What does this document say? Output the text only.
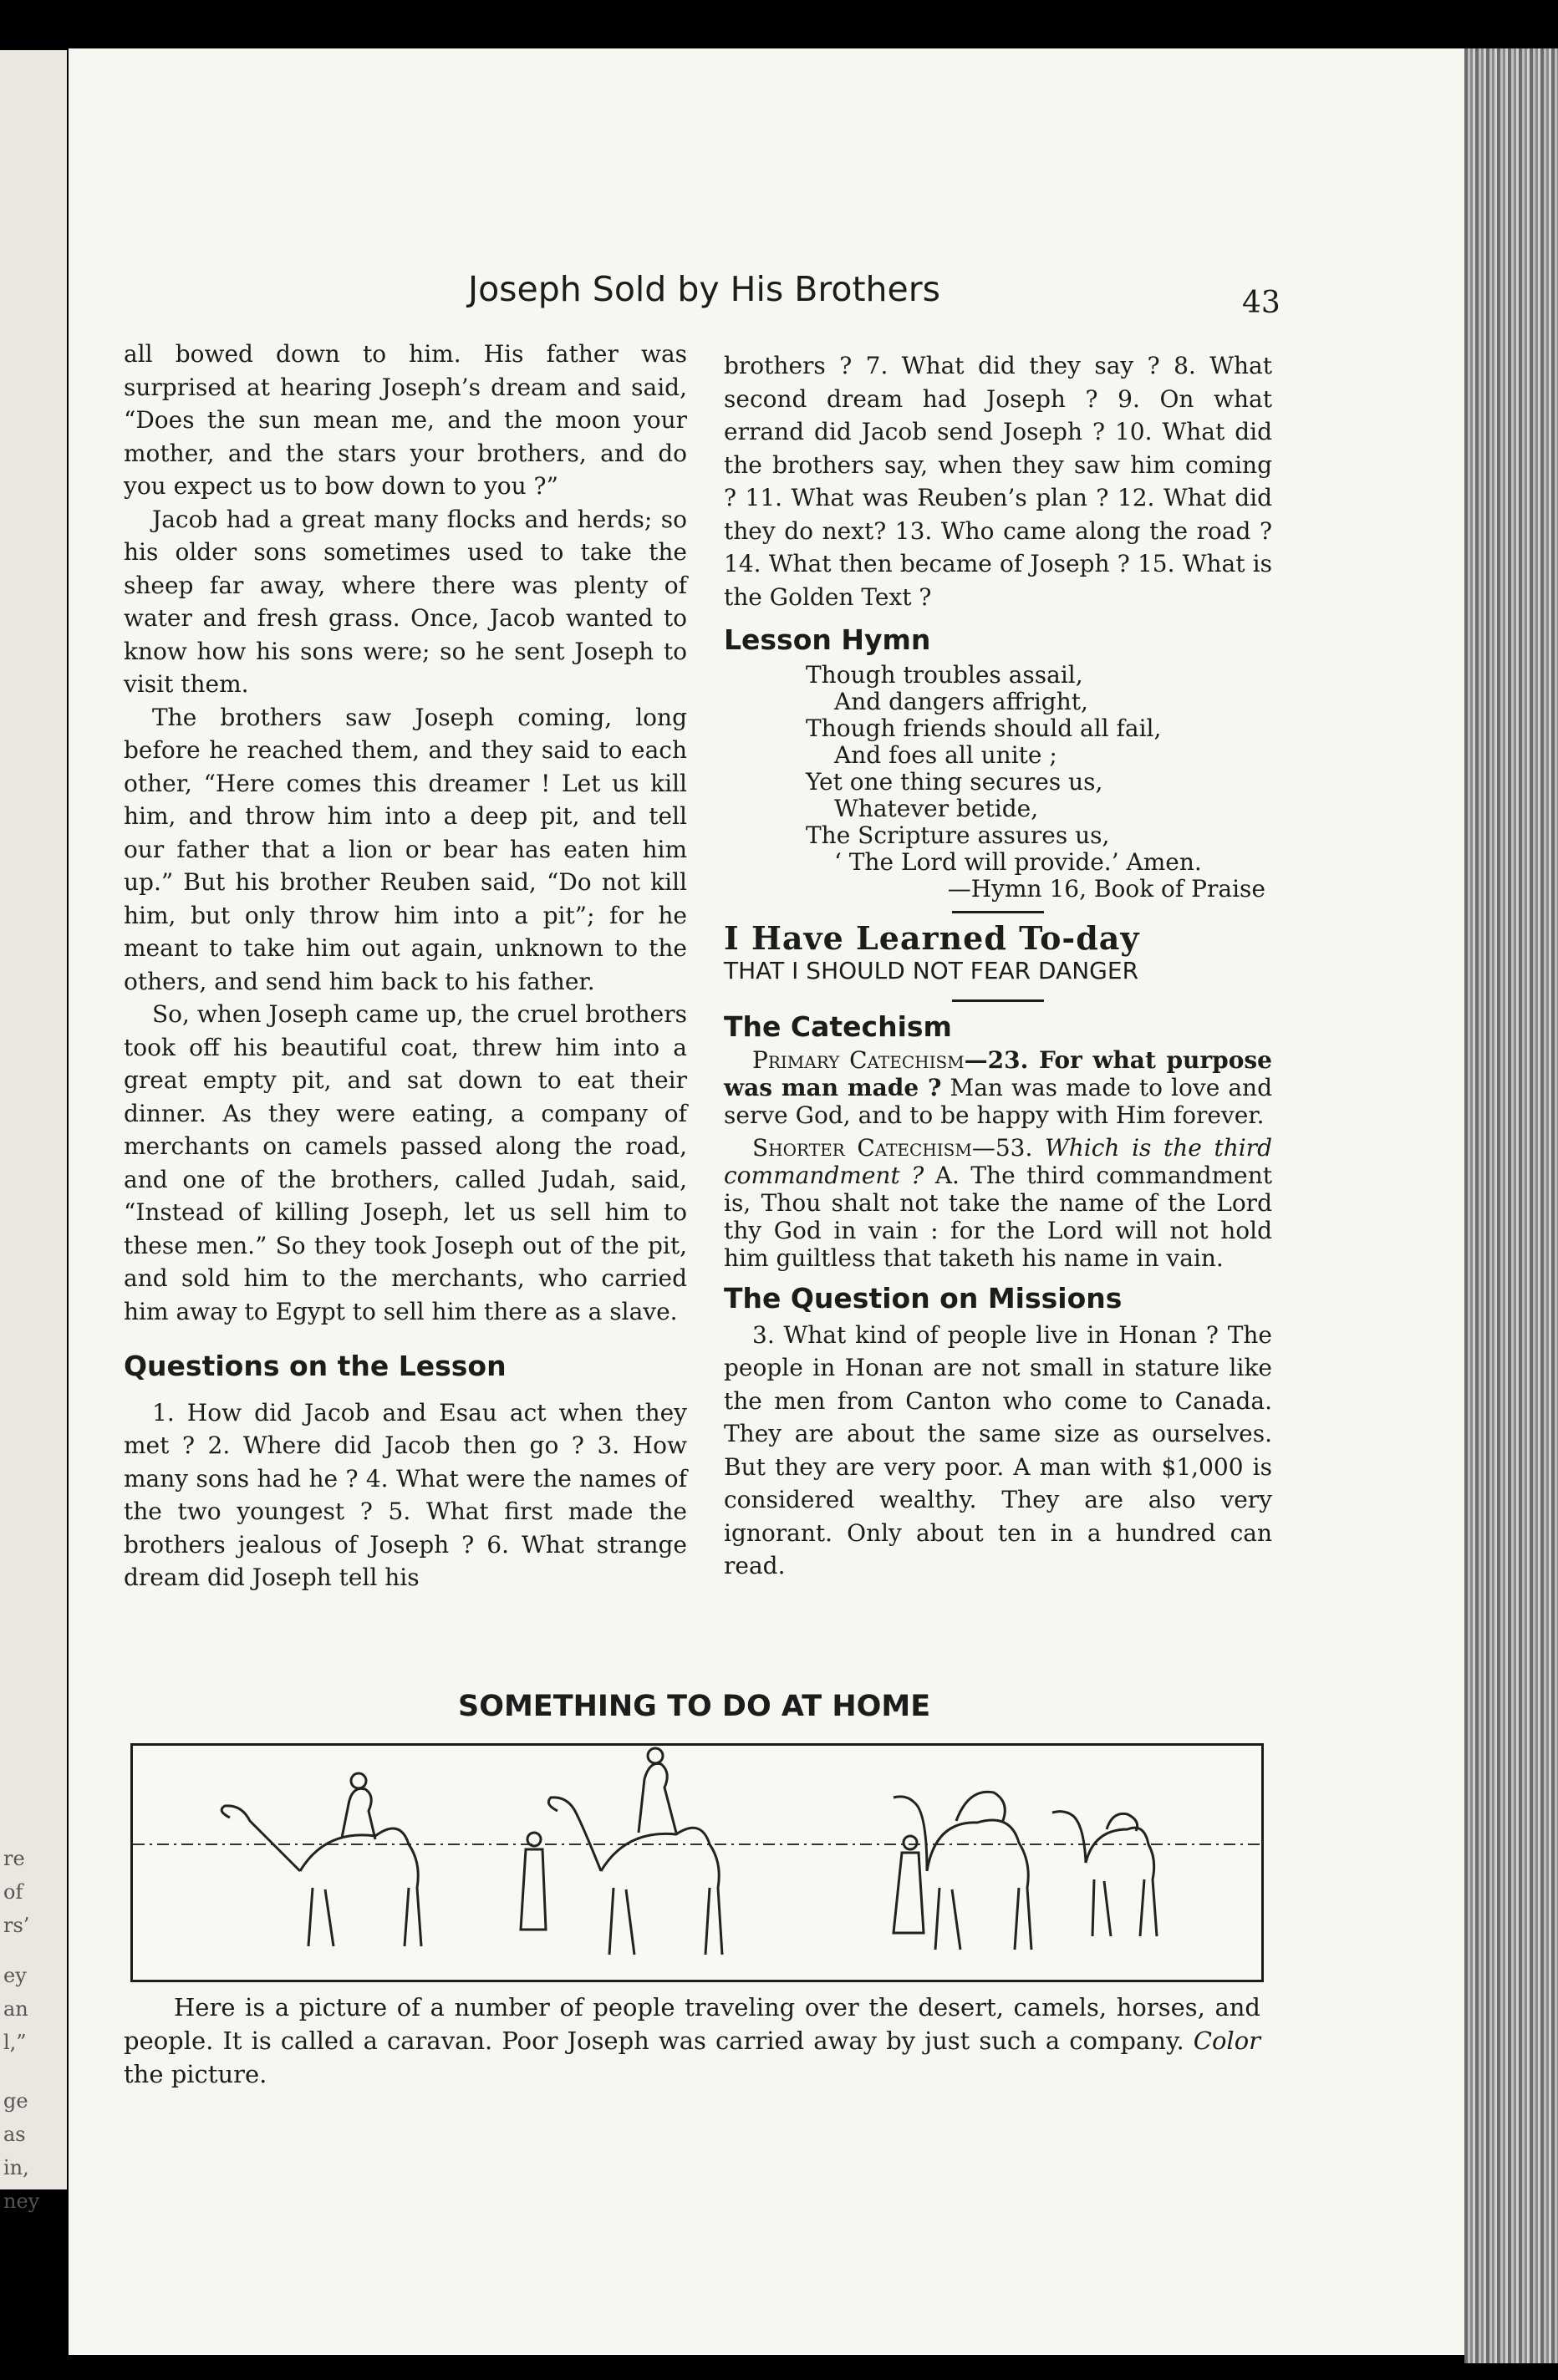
re
of
rs’
ey
an
l,”
ge
as
in,
ney
Joseph Sold by His Brothers	43

all bowed down to him. His father was surprised at hearing Joseph’s dream and said, “Does the sun mean me, and the moon your mother, and the stars your brothers, and do you expect us to bow down to you ?”

Jacob had a great many flocks and herds; so his older sons sometimes used to take the sheep far away, where there was plenty of water and fresh grass. Once, Jacob wanted to know how his sons were; so he sent Joseph to visit them.

The brothers saw Joseph coming, long before he reached them, and they said to each other, “Here comes this dreamer ! Let us kill him, and throw him into a deep pit, and tell our father that a lion or bear has eaten him up.” But his brother Reuben said, “Do not kill him, but only throw him into a pit”; for he meant to take him out again, unknown to the others, and send him back to his father.

So, when Joseph came up, the cruel brothers took off his beautiful coat, threw him into a great empty pit, and sat down to eat their dinner. As they were eating, a company of merchants on camels passed along the road, and one of the brothers, called Judah, said, “Instead of killing Joseph, let us sell him to these men.” So they took Joseph out of the pit, and sold him to the merchants, who carried him away to Egypt to sell him there as a slave.

Questions on the Lesson

1. How did Jacob and Esau act when they met ? 2. Where did Jacob then go ? 3. How many sons had he ? 4. What were the names of the two youngest ? 5. What first made the brothers jealous of Joseph ? 6. What strange dream did Joseph tell his

brothers ? 7. What did they say ? 8. What second dream had Joseph ? 9. On what errand did Jacob send Joseph ? 10. What did the brothers say, when they saw him coming ? 11. What was Reuben’s plan ? 12. What did they do next? 13. Who came along the road ? 14. What then became of Joseph ? 15. What is the Golden Text ?

Lesson Hymn

Though troubles assail,
And dangers affright,
Though friends should all fail,
And foes all unite ;
Yet one thing secures us,
Whatever betide,
The Scripture assures us,
‘ The Lord will provide.’ Amen.
—Hymn 16, Book of Praise

I Have Learned To-day

THAT I SHOULD NOT FEAR DANGER

The Catechism

Primary Catechism—23. For what purpose was man made ? Man was made to love and serve God, and to be happy with Him forever.

Shorter Catechism—53. Which is the third commandment ? A. The third commandment is, Thou shalt not take the name of the Lord thy God in vain : for the Lord will not hold him guiltless that taketh his name in vain.

The Question on Missions

3. What kind of people live in Honan ? The people in Honan are not small in stature like the men from Canton who come to Canada. They are about the same size as ourselves. But they are very poor. A man with $1,000 is considered wealthy. They are also very ignorant. Only about ten in a hundred can read.

SOMETHING TO DO AT HOME
Here is a picture of a number of people traveling over the desert, camels, horses, and people. It is called a caravan. Poor Joseph was carried away by just such a company. Color the picture.
